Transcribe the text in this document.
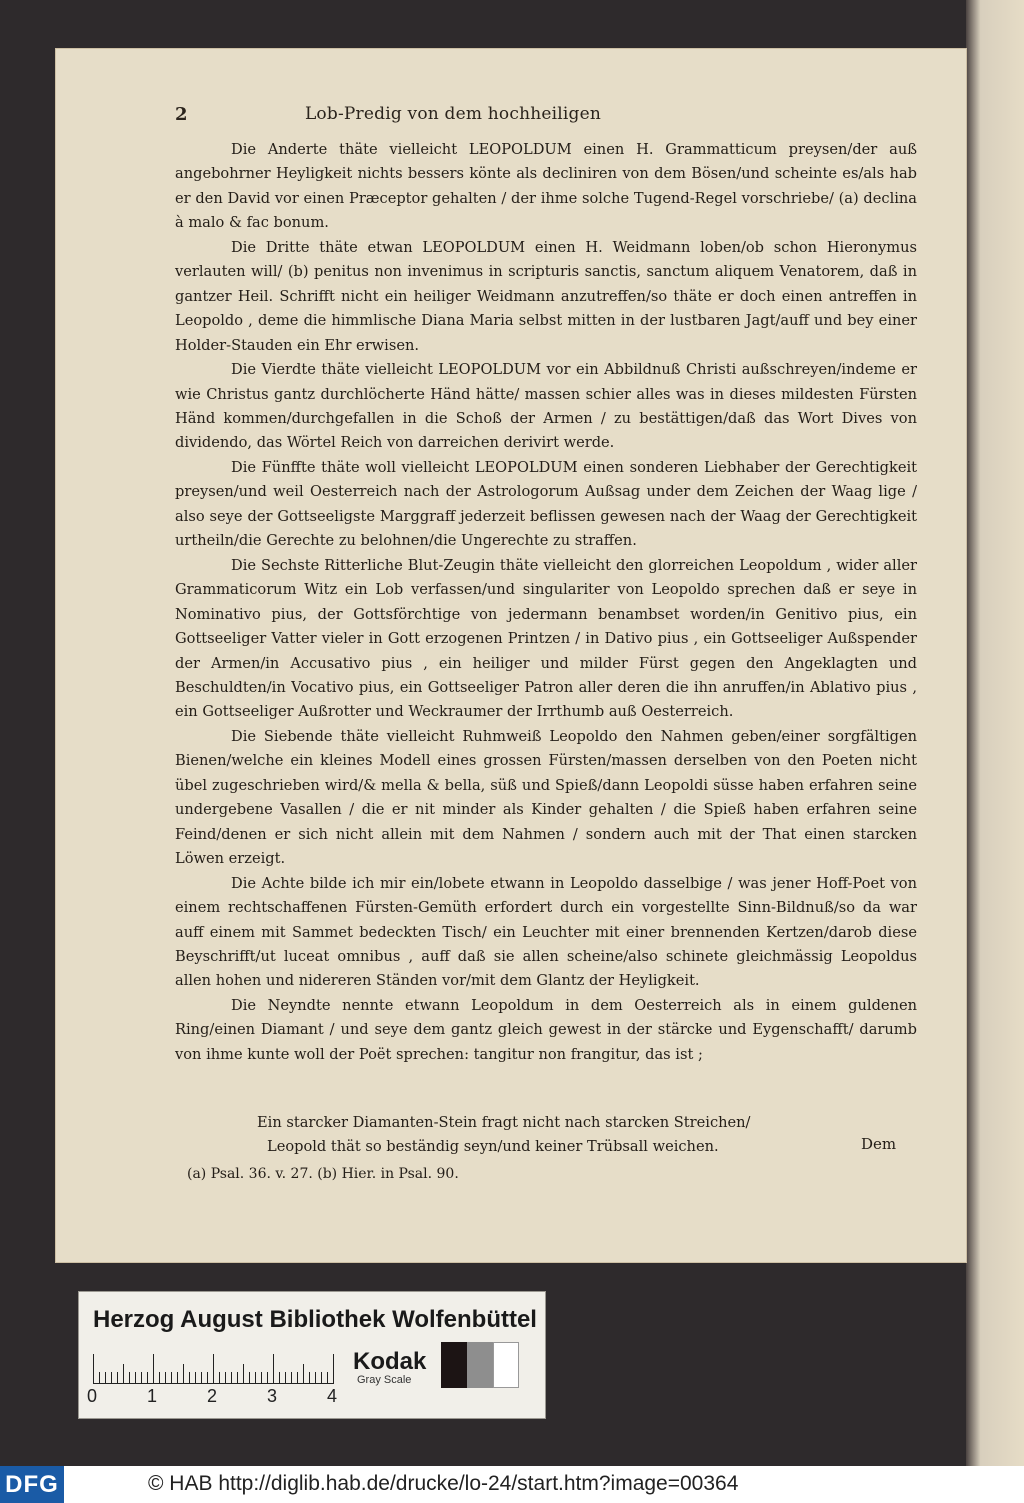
2	Lob-Predig von dem hochheiligen

Die Anderte thäte vielleicht LEOPOLDUM einen H. Grammatticum preysen/der auß angebohrner Heyligkeit nichts bessers könte als decliniren von dem Bösen/und scheinte es/als hab er den David vor einen Præceptor gehalten / der ihme solche Tugend-Regel vorschriebe/ (a) declina à malo & fac bonum.

Die Dritte thäte etwan LEOPOLDUM einen H. Weidmann loben/ob schon Hieronymus verlauten will/ (b) penitus non invenimus in scripturis sanctis, sanctum aliquem Venatorem, daß in gantzer Heil. Schrifft nicht ein heiliger Weidmann anzutreffen/so thäte er doch einen antreffen in Leopoldo , deme die himmlische Diana Maria selbst mitten in der lustbaren Jagt/auff und bey einer Holder-Stauden ein Ehr erwisen.

Die Vierdte thäte vielleicht LEOPOLDUM vor ein Abbildnuß Christi außschreyen/indeme er wie Christus gantz durchlöcherte Händ hätte/ massen schier alles was in dieses mildesten Fürsten Händ kommen/durchgefallen in die Schoß der Armen / zu bestättigen/daß das Wort Dives von dividendo, das Wörtel Reich von darreichen derivirt werde.

Die Fünffte thäte woll vielleicht LEOPOLDUM einen sonderen Liebhaber der Gerechtigkeit preysen/und weil Oesterreich nach der Astrologorum Außsag under dem Zeichen der Waag lige / also seye der Gottseeligste Marggraff jederzeit beflissen gewesen nach der Waag der Gerechtigkeit urtheiln/die Gerechte zu belohnen/die Ungerechte zu straffen.

Die Sechste Ritterliche Blut-Zeugin thäte vielleicht den glorreichen Leopoldum , wider aller Grammaticorum Witz ein Lob verfassen/und singulariter von Leopoldo sprechen daß er seye in Nominativo pius, der Gottsförchtige von jedermann benambset worden/in Genitivo pius, ein Gottseeliger Vatter vieler in Gott erzogenen Printzen / in Dativo pius , ein Gottseeliger Außspender der Armen/in Accusativo pius , ein heiliger und milder Fürst gegen den Angeklagten und Beschuldten/in Vocativo pius, ein Gottseeliger Patron aller deren die ihn anruffen/in Ablativo pius , ein Gottseeliger Außrotter und Weckraumer der Irrthumb auß Oesterreich.

Die Siebende thäte vielleicht Ruhmweiß Leopoldo den Nahmen geben/einer sorgfältigen Bienen/welche ein kleines Modell eines grossen Fürsten/massen derselben von den Poeten nicht übel zugeschrieben wird/& mella & bella, süß und Spieß/dann Leopoldi süsse haben erfahren seine undergebene Vasallen / die er nit minder als Kinder gehalten / die Spieß haben erfahren seine Feind/denen er sich nicht allein mit dem Nahmen / sondern auch mit der That einen starcken Löwen erzeigt.

Die Achte bilde ich mir ein/lobete etwann in Leopoldo dasselbige / was jener Hoff-Poet von einem rechtschaffenen Fürsten-Gemüth erfordert durch ein vorgestellte Sinn-Bildnuß/so da war auff einem mit Sammet bedeckten Tisch/ ein Leuchter mit einer brennenden Kertzen/darob diese Beyschrifft/ut luceat omnibus , auff daß sie allen scheine/also schinete gleichmässig Leopoldus allen hohen und nidereren Ständen vor/mit dem Glantz der Heyligkeit.

Die Neyndte nennte etwann Leopoldum in dem Oesterreich als in einem guldenen Ring/einen Diamant / und seye dem gantz gleich gewest in der stärcke und Eygenschafft/ darumb von ihme kunte woll der Poët sprechen: tangitur non frangitur, das ist ;

Ein starcker Diamanten-Stein fragt nicht nach starcken Streichen/
Leopold thät so beständig seyn/und keiner Trübsall weichen.	Dem
(a) Psal. 36. v. 27. (b) Hier. in Psal. 90.
Herzog August Bibliothek Wolfenbüttel
0	1	2	3	4
Kodak
Gray Scale
DFG	© HAB http://diglib.hab.de/drucke/lo-24/start.htm?image=00364
